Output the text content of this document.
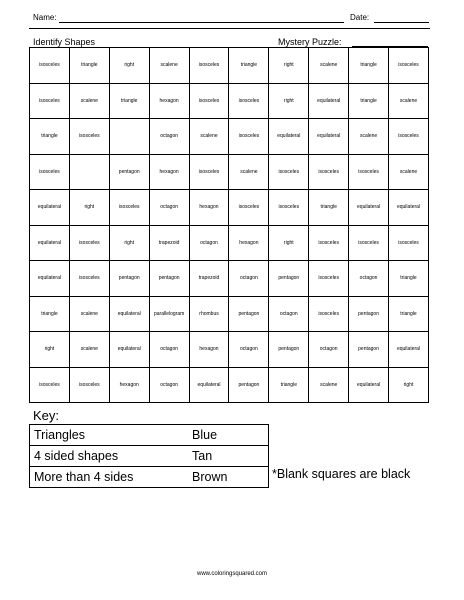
Name:	Date:
Identify Shapes	Mystery Puzzle:
isosceles	triangle	right	scalene	isosceles	triangle	right	scalene	triangle	isosceles
isosceles	scalene	triangle	hexagon	isosceles	isosceles	right	equilateral	triangle	scalene
triangle	isosceles		octagon	scalene	isosceles	equilateral	equilateral	scalene	isosceles
isosceles		pentagon	hexagon	isosceles	scalene	isosceles	isosceles	isosceles	scalene
equilateral	right	isosceles	octagon	hexagon	isosceles	isosceles	triangle	equilateral	equilateral
equilateral	isosceles	right	trapezoid	octagon	hexagon	right	isosceles	isosceles	isosceles
equilateral	isosceles	pentagon	pentagon	trapezoid	octagon	pentagon	isosceles	octagon	triangle
triangle	scalene	equilateral	parallelogram	rhombus	pentagon	octagon	isosceles	pentagon	triangle
right	scalene	equilateral	octagon	hexagon	octagon	pentagon	octagon	pentagon	equilateral
isosceles	isosceles	hexagon	octagon	equilateral	pentagon	triangle	scalene	equilateral	right
Key:
Triangles	Blue
4 sided shapes	Tan
More than 4 sides	Brown	*Blank squares are black
www.coloringsquared.com
